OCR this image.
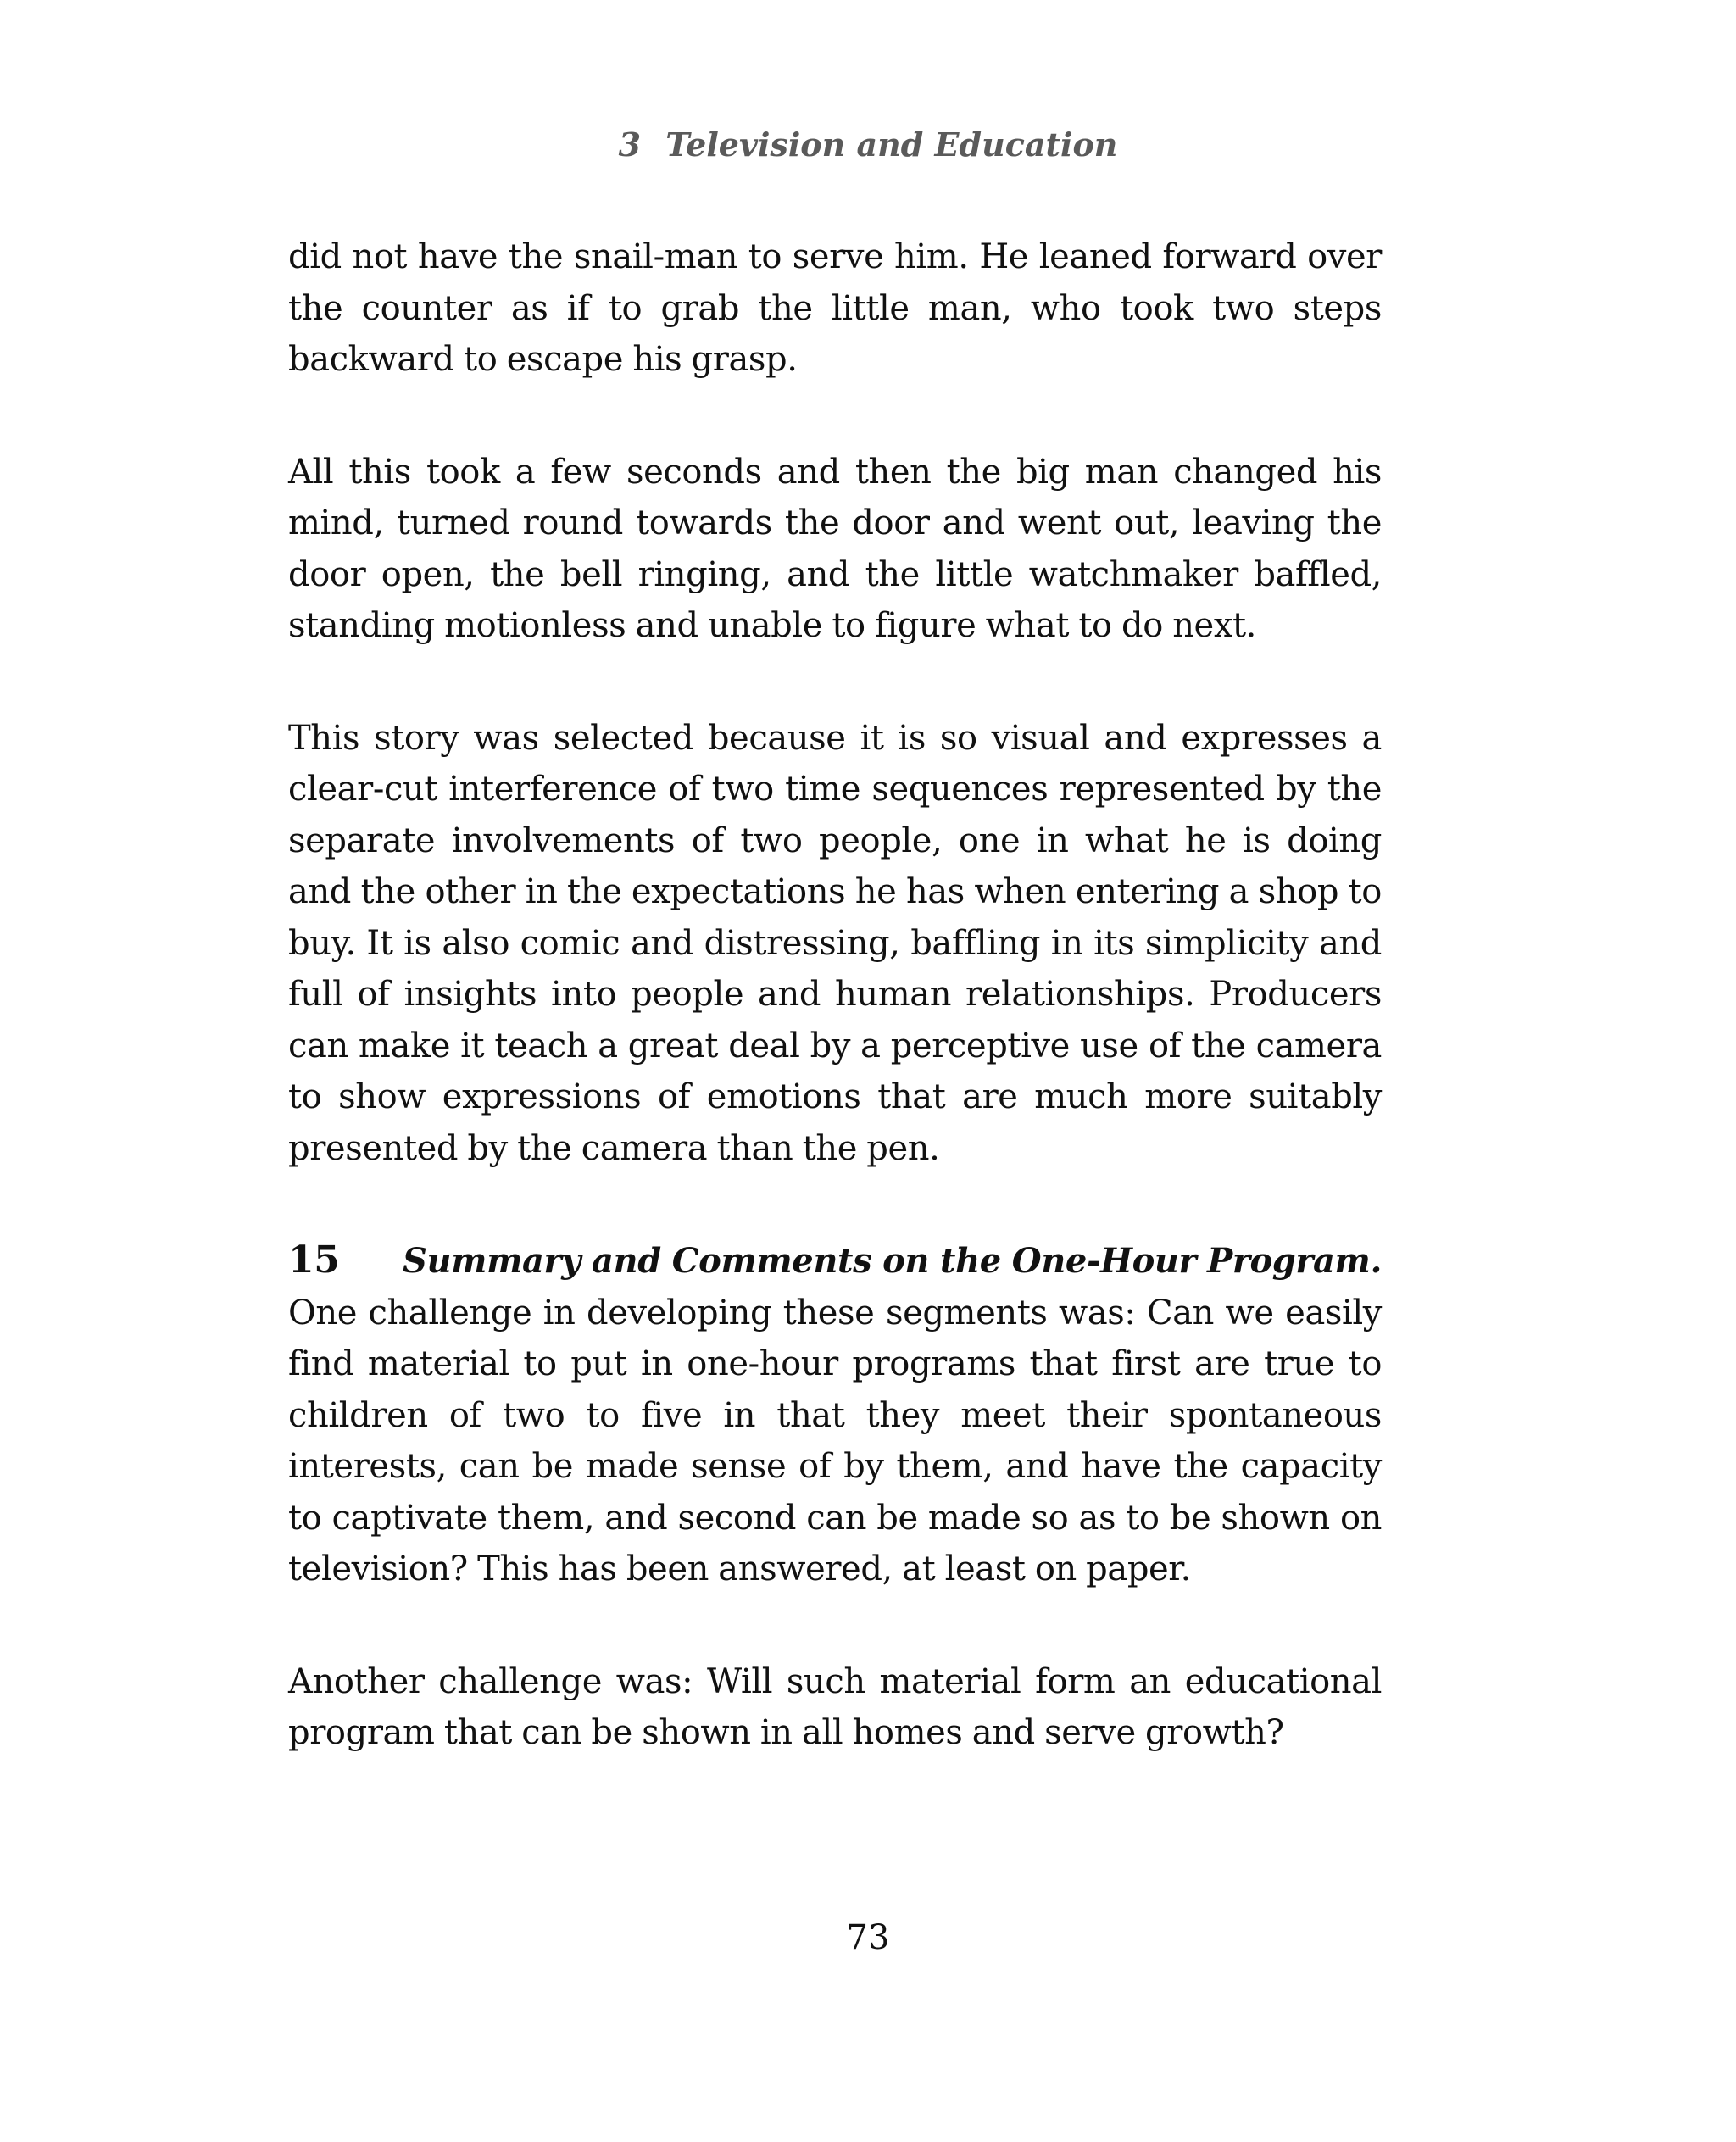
3 Television and Education

did not have the snail-man to serve him. He leaned forward over the counter as if to grab the little man, who took two steps backward to escape his grasp.

All this took a few seconds and then the big man changed his mind, turned round towards the door and went out, leaving the door open, the bell ringing, and the little watchmaker baffled, standing motionless and unable to figure what to do next.

This story was selected because it is so visual and expresses a clear-cut interference of two time sequences represented by the separate involvements of two people, one in what he is doing and the other in the expectations he has when entering a shop to buy. It is also comic and distressing, baffling in its simplicity and full of insights into people and human relationships. Producers can make it teach a great deal by a perceptive use of the camera to show expressions of emotions that are much more suitably presented by the camera than the pen.

15 Summary and Comments on the One-Hour Program. One challenge in developing these segments was: Can we easily find material to put in one-hour programs that first are true to children of two to five in that they meet their spontaneous interests, can be made sense of by them, and have the capacity to captivate them, and second can be made so as to be shown on television? This has been answered, at least on paper.

Another challenge was: Will such material form an educational program that can be shown in all homes and serve growth?

73
